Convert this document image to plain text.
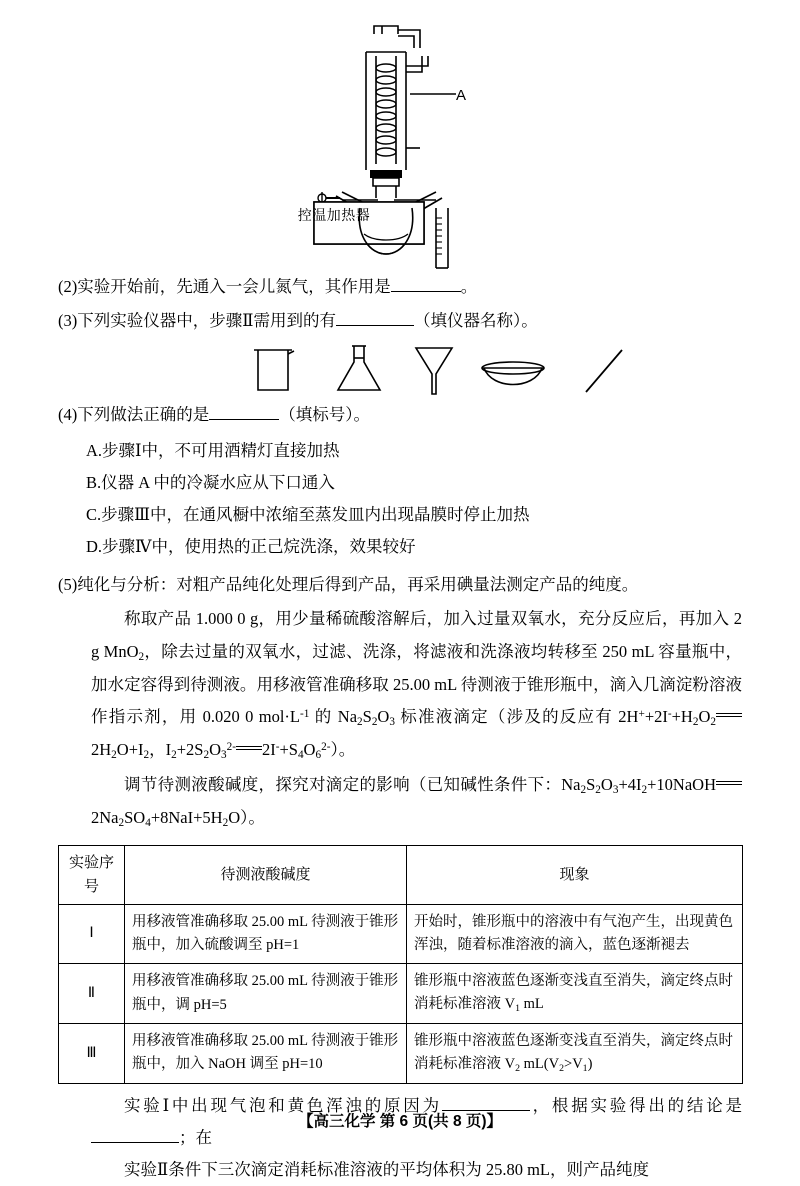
A
控温加热器

(2)实验开始前，先通入一会儿氮气，其作用是	。

(3)下列实验仪器中，步骤Ⅱ需用到的有	（填仪器名称）。

(4)下列做法正确的是	（填标号）。

A.步骤Ⅰ中，不可用酒精灯直接加热
B.仪器 A 中的冷凝水应从下口通入
C.步骤Ⅲ中，在通风橱中浓缩至蒸发皿内出现晶膜时停止加热
D.步骤Ⅳ中，使用热的正己烷洗涤，效果较好

(5)纯化与分析：对粗产品纯化处理后得到产品，再采用碘量法测定产品的纯度。

称取产品 1.000 0 g，用少量稀硫酸溶解后，加入过量双氧水，充分反应后，再加入 2 g MnO$_2$，除去过量的双氧水，过滤、洗涤，将滤液和洗涤液均转移至 250 mL 容量瓶中，加水定容得到待测液。用移液管准确移取 25.00 mL 待测液于锥形瓶中，滴入几滴淀粉溶液作指示剂，用 0.020 0 $mol\cdot L^{-1}$ 的 $Na_2S_2O_3$ 标准液滴定（涉及的反应有 $2H^++2I^-+H_2O_22H_2O+I_2$，$I_2+2S_2O_3^{2-}$ $2I^-+S_4O_6^{2-}$）。

调节待测液酸碱度，探究对滴定的影响（已知碱性条件下：$Na_2S_2O_3+4I_2+10NaOH2Na_2SO_4+8NaI+5H_2O$）。

实验序号	待测液酸碱度	现象
Ⅰ	用移液管准确移取 25.00 mL 待测液于锥形瓶中，加入硫酸调至 pH=1	开始时，锥形瓶中的溶液中有气泡产生，出现黄色浑浊，随着标准溶液的滴入，蓝色逐渐褪去
Ⅱ	用移液管准确移取 25.00 mL 待测液于锥形瓶中，调 pH=5	锥形瓶中溶液蓝色逐渐变浅直至消失，滴定终点时消耗标准溶液 $V_1$ mL
Ⅲ	用移液管准确移取 25.00 mL 待测液于锥形瓶中，加入 NaOH 调至 pH=10	锥形瓶中溶液蓝色逐渐变浅直至消失，滴定终点时消耗标准溶液 $V_2$ $mL(V_2>V_1)$

实验Ⅰ中出现气泡和黄色浑浊的原因为	，根据实验得出的结论是；在

实验Ⅱ条件下三次滴定消耗标准溶液的平均体积为 25.80 mL，则产品纯度

【高三化学 第 6 页(共 8 页)】
